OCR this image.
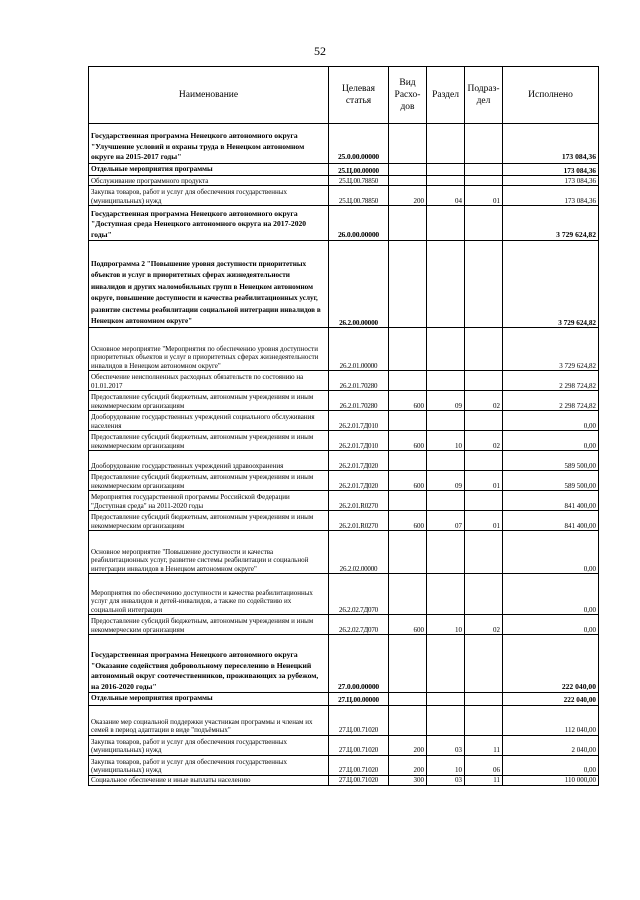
52
Наименование	Целевая статья	Вид Расхо-дов	Раздел	Подраз-дел	Исполнено
Государственная программа Ненецкого автономного округа "Улучшение условий и охраны труда в Ненецком автономном округе на 2015-2017 годы"	25.0.00.00000				173 084,36
Отдельные мероприятия программы	25.Ц.00.00000				173 084,36
Обслуживание программного продукта	25.Ц.00.78850				173 084,36
Закупка товаров, работ и услуг для обеспечения государственных (муниципальных) нужд	25.Ц.00.78850	200	04	01	173 084,36
Государственная программа Ненецкого автономного округа "Доступная среда Ненецкого автономного округа на 2017-2020 годы"	26.0.00.00000				3 729 624,82
Подпрограмма 2 "Повышение уровня доступности приоритетных объектов и услуг в приоритетных сферах жизнедеятельности инвалидов и других маломобильных групп в Ненецком автономном округе, повышение доступности и качества реабилитационных услуг, развитие системы реабилитации социальной интеграции инвалидов в Ненецком автономном округе"	26.2.00.00000				3 729 624,82
Основное мероприятие "Мероприятия по обеспечению уровня доступности приоритетных объектов и услуг в приоритетных сферах жизнедеятельности инвалидов в Ненецком автономном округе"	26.2.01.00000				3 729 624,82
Обеспечение неисполненных расходных обязательств по состоянию на 01.01.2017	26.2.01.70280				2 298 724,82
Предоставление субсидий бюджетным, автономным учреждениям и иным некоммерческим организациям	26.2.01.70280	600	09	02	2 298 724,82
Дооборудование государственных учреждений социального обслуживания населения	26.2.01.7Д010				0,00
Предоставление субсидий бюджетным, автономным учреждениям и иным некоммерческим организациям	26.2.01.7Д010	600	10	02	0,00
Дооборудование государственных учреждений здравоохранения	26.2.01.7Д020				589 500,00
Предоставление субсидий бюджетным, автономным учреждениям и иным некоммерческим организациям	26.2.01.7Д020	600	09	01	589 500,00
Мероприятия государственной программы Российской Федерации "Доступная среда" на 2011-2020 годы	26.2.01.R0270				841 400,00
Предоставление субсидий бюджетным, автономным учреждениям и иным некоммерческим организациям	26.2.01.R0270	600	07	01	841 400,00
Основное мероприятие "Повышение доступности и качества реабилитационных услуг, развитие системы реабилитации и социальной интеграции инвалидов в Ненецком автономном округе"	26.2.02.00000				0,00
Мероприятия по обеспечению доступности и качества реабилитационных услуг для инвалидов и детей-инвалидов, а также по содействию их социальной интеграции	26.2.02.7Д070				0,00
Предоставление субсидий бюджетным, автономным учреждениям и иным некоммерческим организациям	26.2.02.7Д070	600	10	02	0,00
Государственная программа Ненецкого автономного округа "Оказание содействия добровольному переселению в Ненецкий автономный округ соотечественников, проживающих за рубежом, на 2016-2020 годы"	27.0.00.00000				222 040,00
Отдельные мероприятия программы	27.Ц.00.00000				222 040,00
Оказание мер социальной поддержки участникам программы и членам их семей в период адаптации в виде "подъёмных"	27.Ц.00.71020				112 040,00
Закупка товаров, работ и услуг для обеспечения государственных (муниципальных) нужд	27.Ц.00.71020	200	03	11	2 040,00
Закупка товаров, работ и услуг для обеспечения государственных (муниципальных) нужд	27.Ц.00.71020	200	10	06	0,00
Социальное обеспечение и иные выплаты населению	27.Ц.00.71020	300	03	11	110 000,00
